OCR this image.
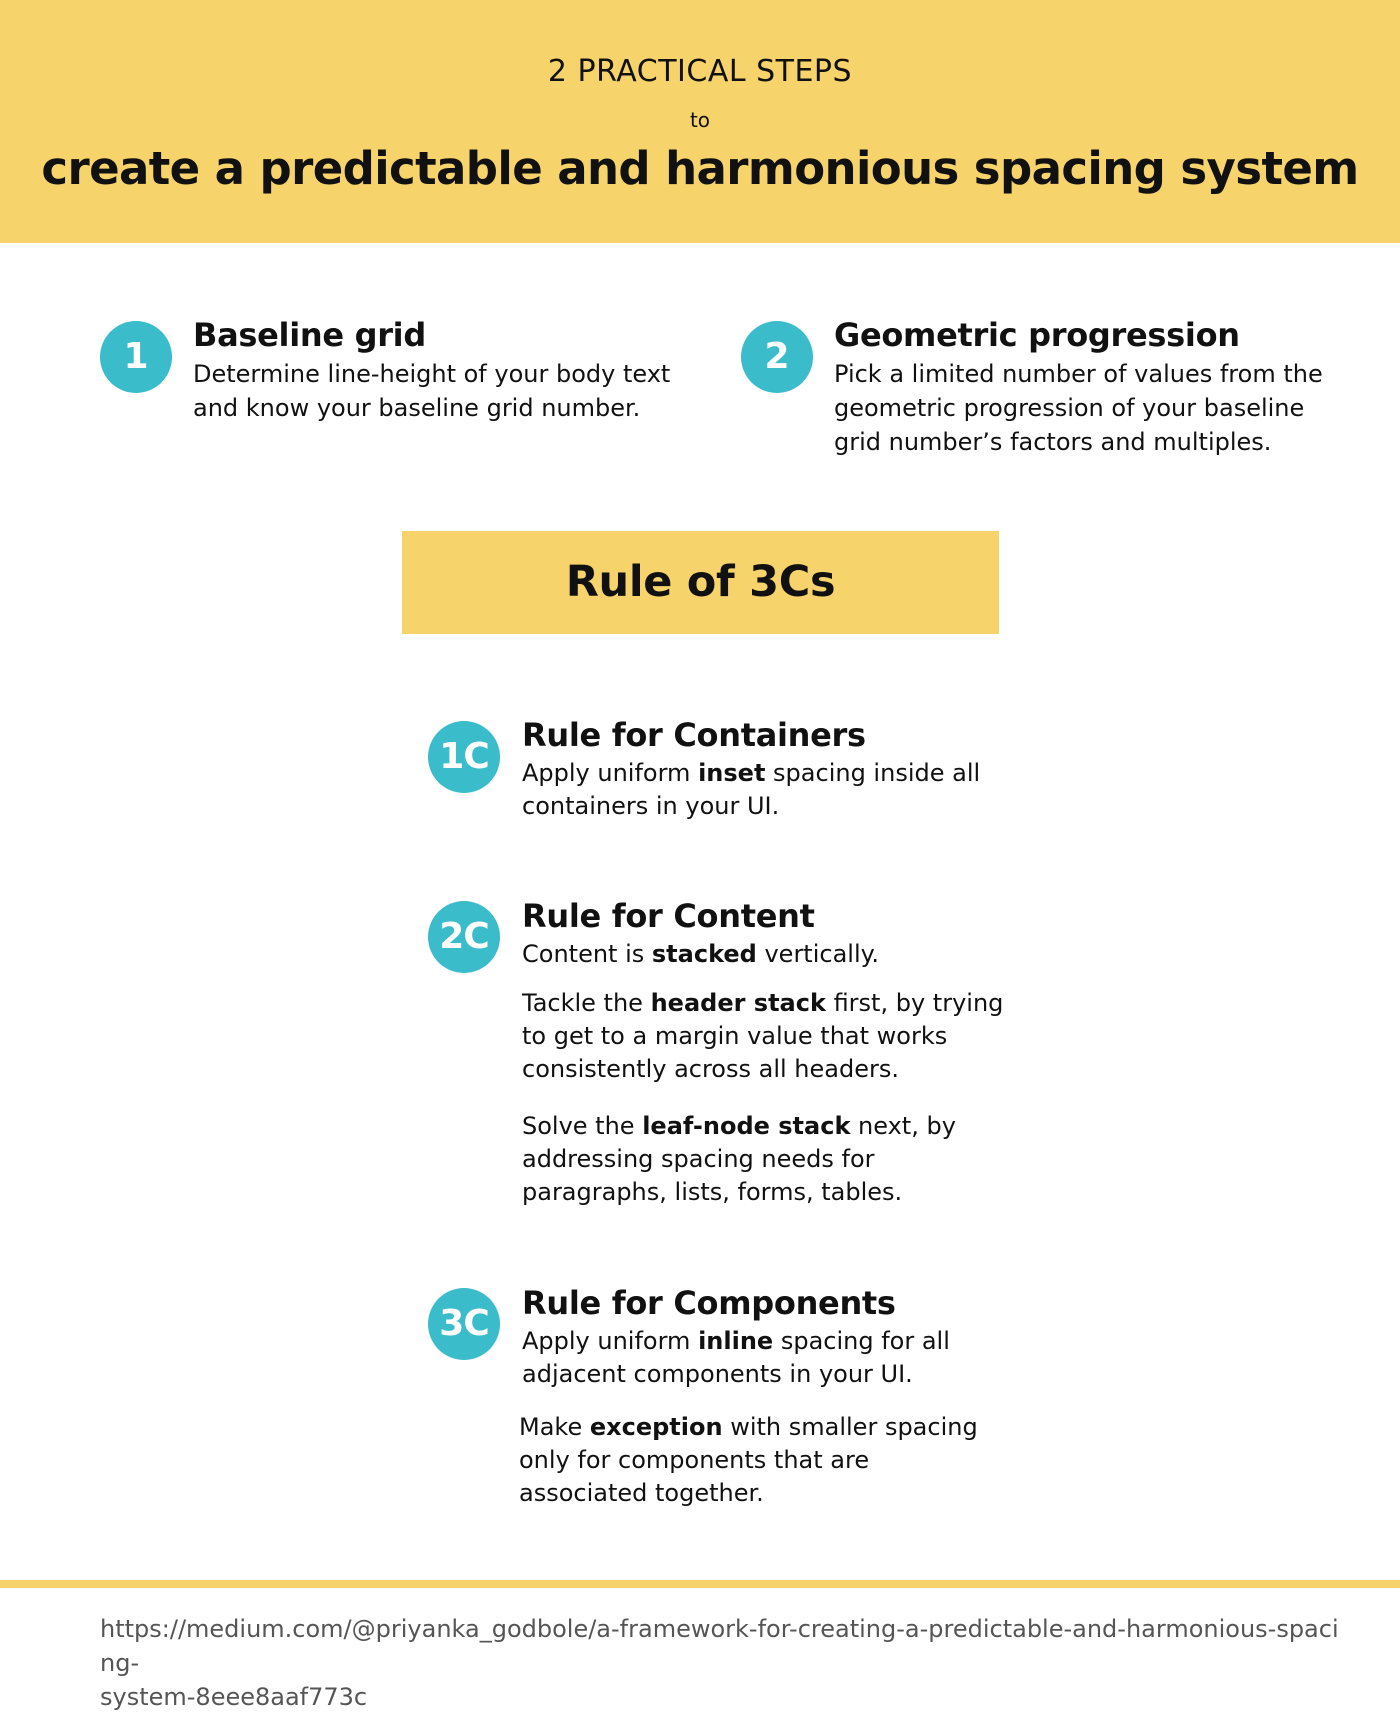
2 PRACTICAL STEPS
to
create a predictable and harmonious spacing system
1
Baseline grid
Determine line-height of your body text
and know your baseline grid number.
2
Geometric progression
Pick a limited number of values from the
geometric progression of your baseline
grid number’s factors and multiples.
Rule of 3Cs
1C
Rule for Containers
Apply uniform inset spacing inside all
containers in your UI.
2C	Rule for Content
Content is stacked vertically.
Tackle the header stack first, by trying
to get to a margin value that works
consistently across all headers.
Solve the leaf-node stack next, by
addressing spacing needs for
paragraphs, lists, forms, tables.
3C	Rule for Components
Apply uniform inline spacing for all
adjacent components in your UI.
Make exception with smaller spacing
only for components that are
associated together.
https://medium.com/@priyanka_godbole/a-framework-for-creating-a-predictable-and-harmonious-spacing-
system-8eee8aaf773c
